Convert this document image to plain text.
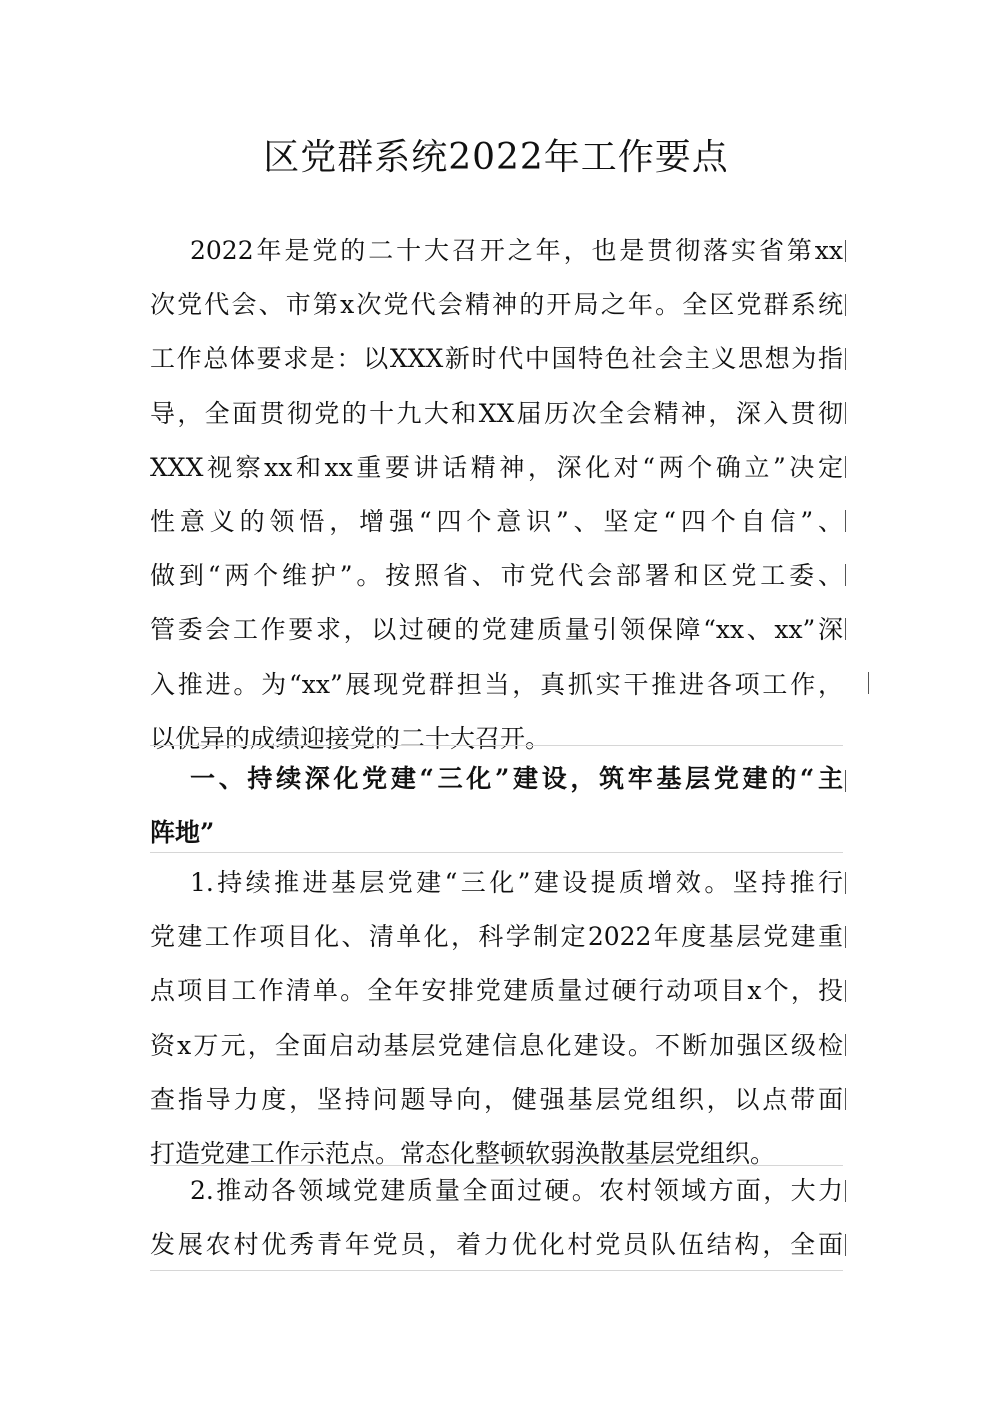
区党群系统2022年工作要点
2022年是党的二十大召开之年，也是贯彻落实省第xx
次党代会、市第x次党代会精神的开局之年。全区党群系统
工作总体要求是：以XXX新时代中国特色社会主义思想为指
导，全面贯彻党的十九大和XX届历次全会精神，深入贯彻
XXX视察xx和xx重要讲话精神，深化对“两个确立”决定
性意义的领悟，增强“四个意识”、坚定“四个自信”、
做到“两个维护”。按照省、市党代会部署和区党工委、
管委会工作要求，以过硬的党建质量引领保障“xx、xx”深
入推进。为“xx”展现党群担当，真抓实干推进各项工作，
以优异的成绩迎接党的二十大召开。
一、持续深化党建“三化”建设，筑牢基层党建的“主
阵地”
1.持续推进基层党建“三化”建设提质增效。坚持推行
党建工作项目化、清单化，科学制定2022年度基层党建重
点项目工作清单。全年安排党建质量过硬行动项目x个，投
资x万元，全面启动基层党建信息化建设。不断加强区级检
查指导力度，坚持问题导向，健强基层党组织，以点带面
打造党建工作示范点。常态化整顿软弱涣散基层党组织。
2.推动各领域党建质量全面过硬。农村领域方面，大力
发展农村优秀青年党员，着力优化村党员队伍结构，全面
